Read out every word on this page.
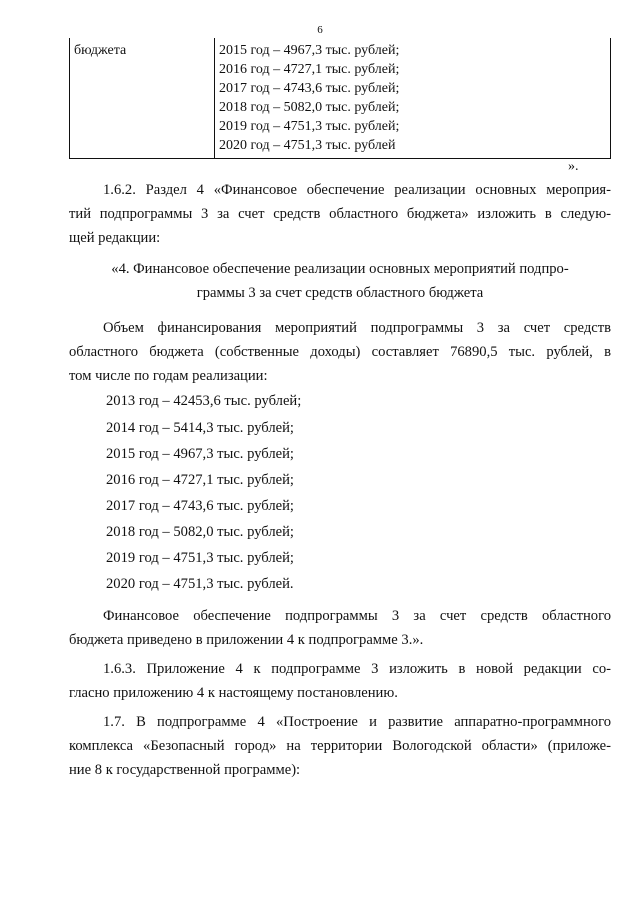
6
бюджета	2015 год – 4967,3 тыс. рублей;
2016 год – 4727,1 тыс. рублей;
2017 год – 4743,6 тыс. рублей;
2018 год – 5082,0 тыс. рублей;
2019 год – 4751,3 тыс. рублей;
2020 год – 4751,3 тыс. рублей
».
1.6.2. Раздел 4 «Финансовое обеспечение реализации основных мероприя-
тий подпрограммы 3 за счет средств областного бюджета» изложить в следую-
щей редакции:
«4. Финансовое обеспечение реализации основных мероприятий подпро-
граммы 3 за счет средств областного бюджета
Объем финансирования мероприятий подпрограммы 3 за счет средств
областного бюджета (собственные доходы) составляет 76890,5 тыс. рублей, в
том числе по годам реализации:
2013 год – 42453,6 тыс. рублей;
2014 год – 5414,3 тыс. рублей;
2015 год – 4967,3 тыс. рублей;
2016 год – 4727,1 тыс. рублей;
2017 год – 4743,6 тыс. рублей;
2018 год – 5082,0 тыс. рублей;
2019 год – 4751,3 тыс. рублей;
2020 год – 4751,3 тыс. рублей.
Финансовое обеспечение подпрограммы 3 за счет средств областного
бюджета приведено в приложении 4 к подпрограмме 3.».
1.6.3. Приложение 4 к подпрограмме 3 изложить в новой редакции со-
гласно приложению 4 к настоящему постановлению.
1.7. В подпрограмме 4 «Построение и развитие аппаратно-программного
комплекса «Безопасный город» на территории Вологодской области» (приложе-
ние 8 к государственной программе):
